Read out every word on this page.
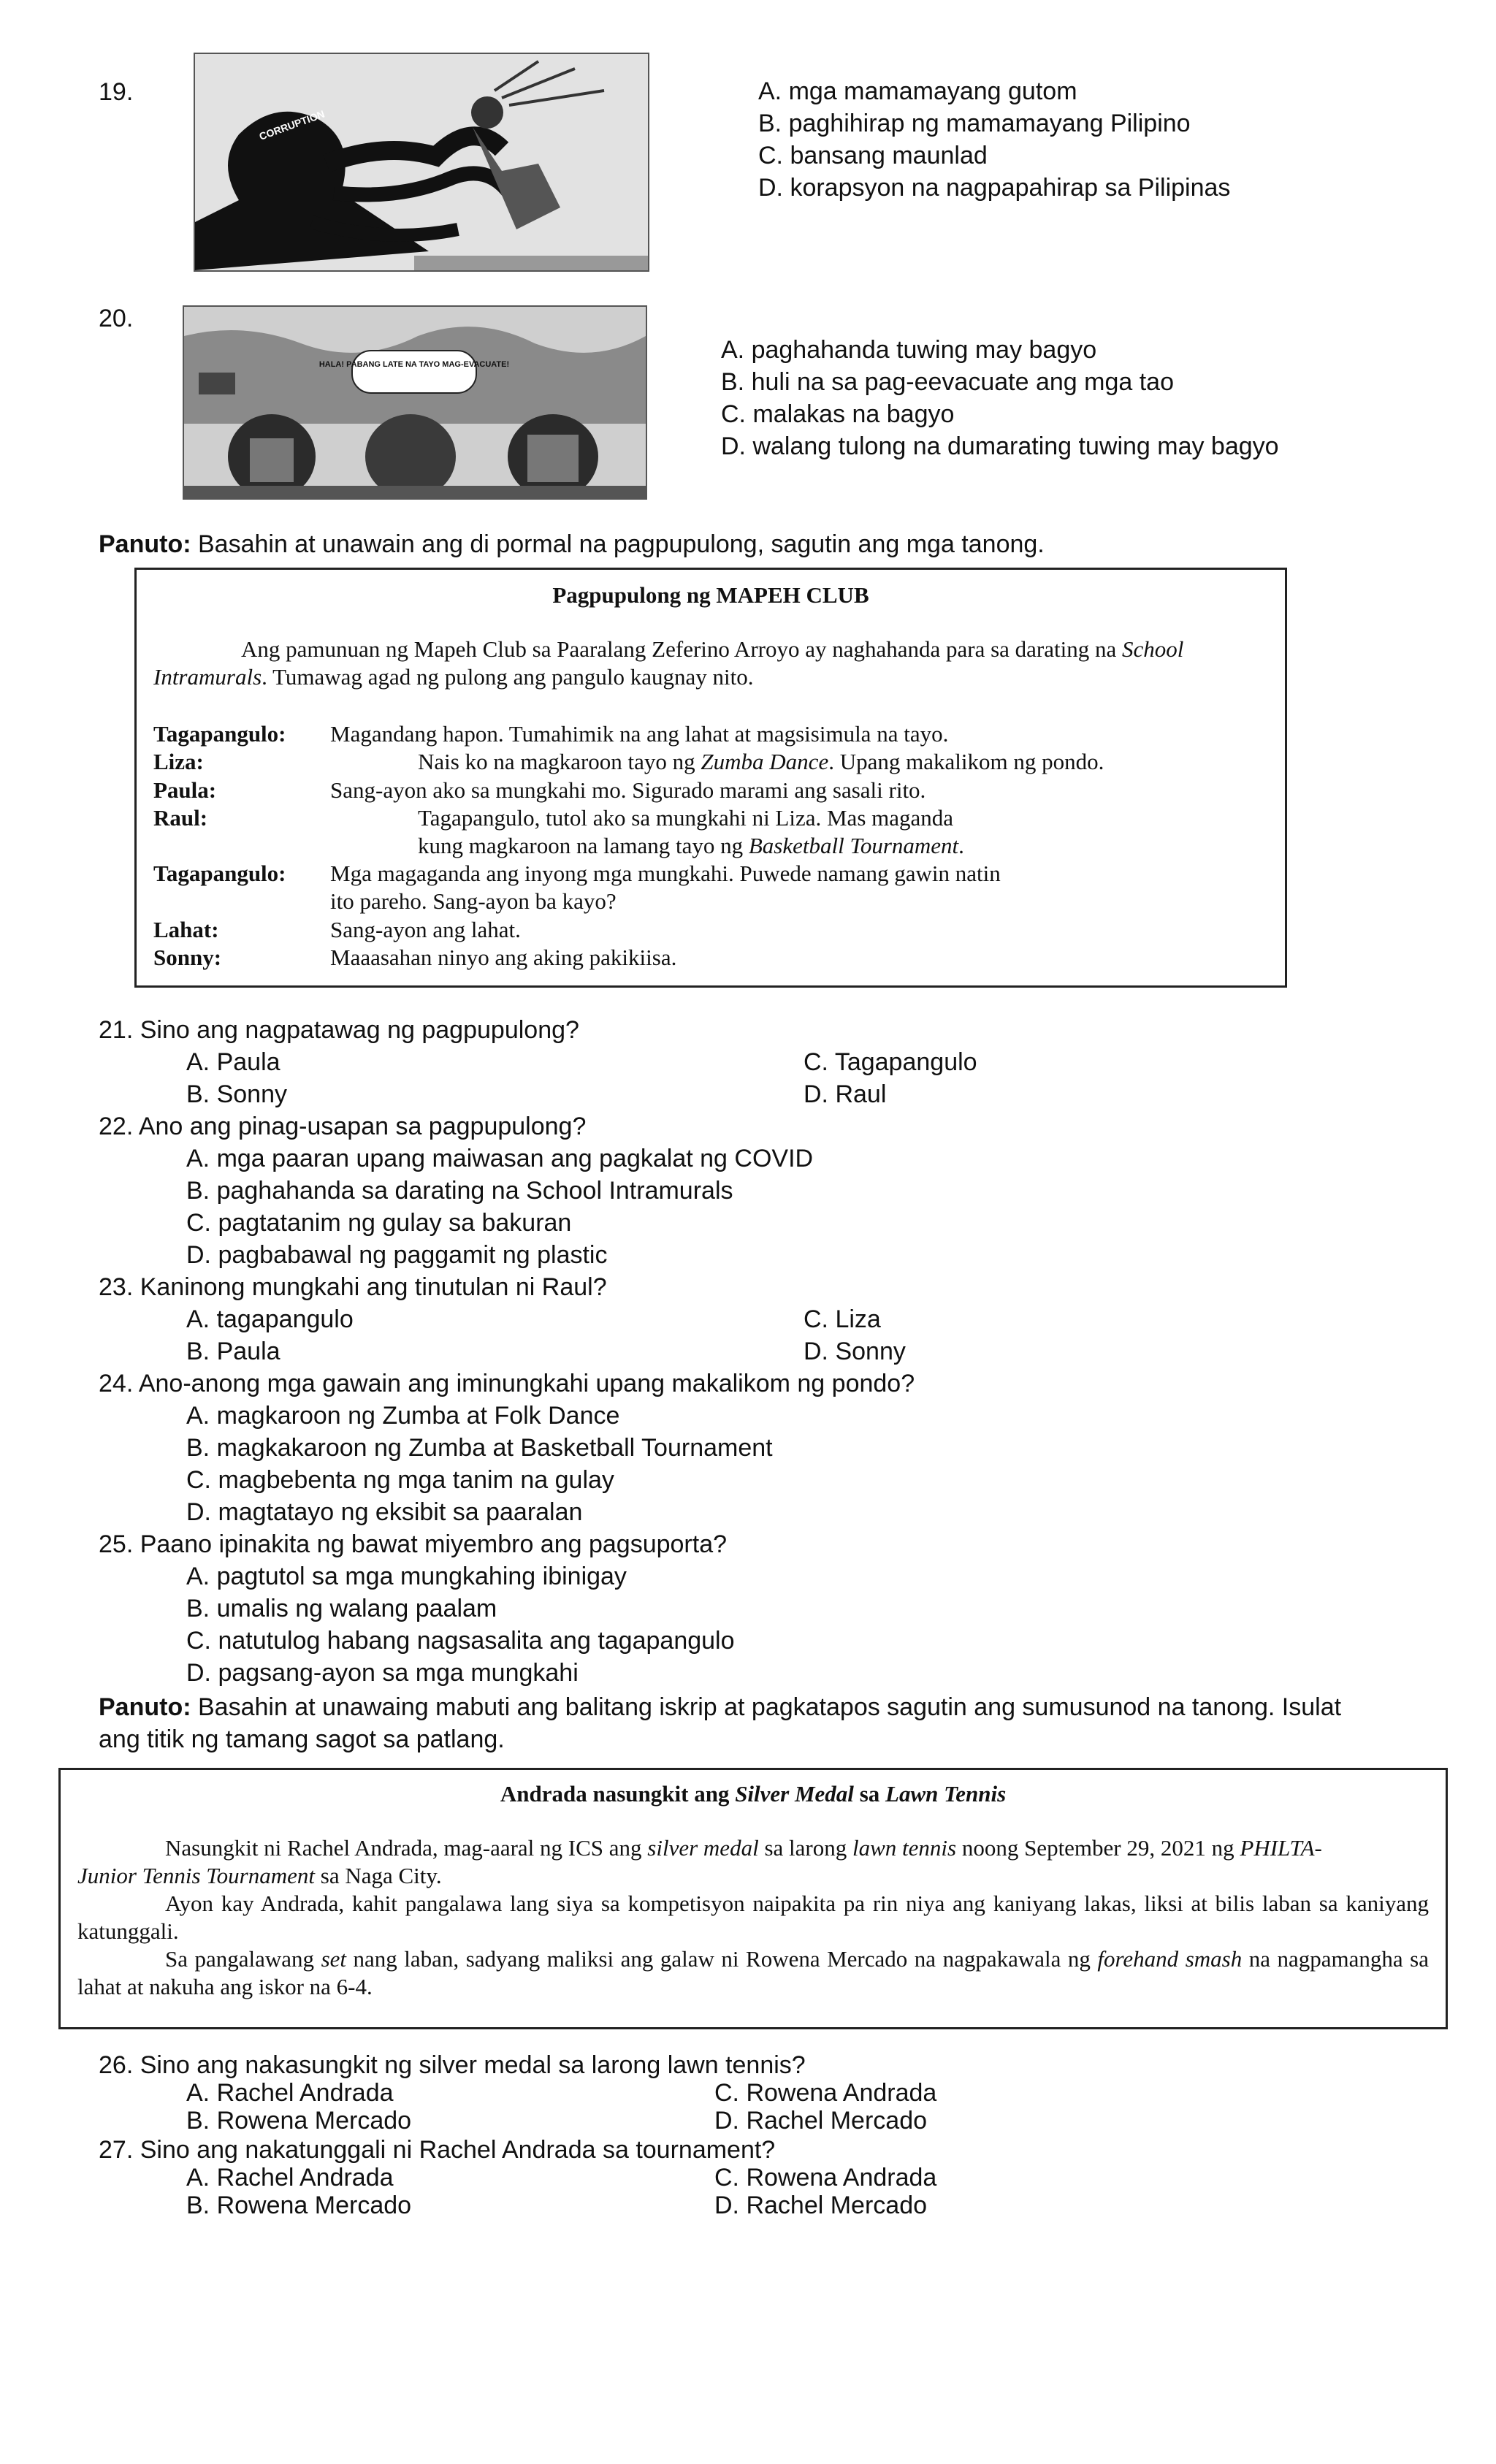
19.
CORRUPTION
A. mga mamamayang gutom
B. paghihirap ng mamamayang Pilipino
C. bansang maunlad
D. korapsyon na nagpapahirap sa Pilipinas
20.
HALA! PABANG LATE NA TAYO MAG-EVACUATE!
A. paghahanda tuwing may bagyo
B. huli na sa pag-eevacuate ang mga tao
C. malakas na bagyo
D. walang tulong na dumarating tuwing may bagyo
Panuto: Basahin at unawain ang di pormal na pagpupulong, sagutin ang mga tanong.
Pagpupulong ng MAPEH CLUB
Ang pamunuan ng Mapeh Club sa Paaralang Zeferino Arroyo ay naghahanda para sa darating na School
Intramurals. Tumawag agad ng pulong ang pangulo kaugnay nito.
Tagapangulo: Magandang hapon. Tumahimik na ang lahat at magsisimula na tayo.
Liza:	Nais ko na magkaroon tayo ng Zumba Dance. Upang makalikom ng pondo.
Paula:	Sang-ayon ako sa mungkahi mo. Sigurado marami ang sasali rito.
Raul:	Tagapangulo, tutol ako sa mungkahi ni Liza. Mas maganda
kung magkaroon na lamang tayo ng Basketball Tournament.
Tagapangulo: Mga magaganda ang inyong mga mungkahi. Puwede namang gawin natin
ito pareho. Sang-ayon ba kayo?
Lahat:	Sang-ayon ang lahat.
Sonny:	Maaasahan ninyo ang aking pakikiisa.
21. Sino ang nagpatawag ng pagpupulong?
A. Paula
B. Sonny
C. Tagapangulo
D. Raul
22. Ano ang pinag-usapan sa pagpupulong?
A. mga paaran upang maiwasan ang pagkalat ng COVID
B. paghahanda sa darating na School Intramurals
C. pagtatanim ng gulay sa bakuran
D. pagbabawal ng paggamit ng plastic
23. Kaninong mungkahi ang tinutulan ni Raul?
A. tagapangulo
B. Paula
C. Liza
D. Sonny
24. Ano-anong mga gawain ang iminungkahi upang makalikom ng pondo?
A. magkaroon ng Zumba at Folk Dance
B. magkakaroon ng Zumba at Basketball Tournament
C. magbebenta ng mga tanim na gulay
D. magtatayo ng eksibit sa paaralan
25. Paano ipinakita ng bawat miyembro ang pagsuporta?
A. pagtutol sa mga mungkahing ibinigay
B. umalis ng walang paalam
C. natutulog habang nagsasalita ang tagapangulo
D. pagsang-ayon sa mga mungkahi
Panuto: Basahin at unawaing mabuti ang balitang iskrip at pagkatapos sagutin ang sumusunod na tanong. Isulat
ang titik ng tamang sagot sa patlang.
Andrada nasungkit ang Silver Medal sa Lawn Tennis
Nasungkit ni Rachel Andrada, mag-aaral ng ICS ang silver medal sa larong lawn tennis noong September 29, 2021 ng PHILTA-
Junior Tennis Tournament sa Naga City.
Ayon kay Andrada, kahit pangalawa lang siya sa kompetisyon naipakita pa rin niya ang kaniyang lakas, liksi at bilis laban sa kaniyang katunggali.
Sa pangalawang set nang laban, sadyang maliksi ang galaw ni Rowena Mercado na nagpakawala ng forehand smash na nagpamangha sa lahat at nakuha ang iskor na 6-4.
26. Sino ang nakasungkit ng silver medal sa larong lawn tennis?
A. Rachel Andrada
B. Rowena Mercado
C. Rowena Andrada
D. Rachel Mercado
27. Sino ang nakatunggali ni Rachel Andrada sa tournament?
A. Rachel Andrada
B. Rowena Mercado
C. Rowena Andrada
D. Rachel Mercado
